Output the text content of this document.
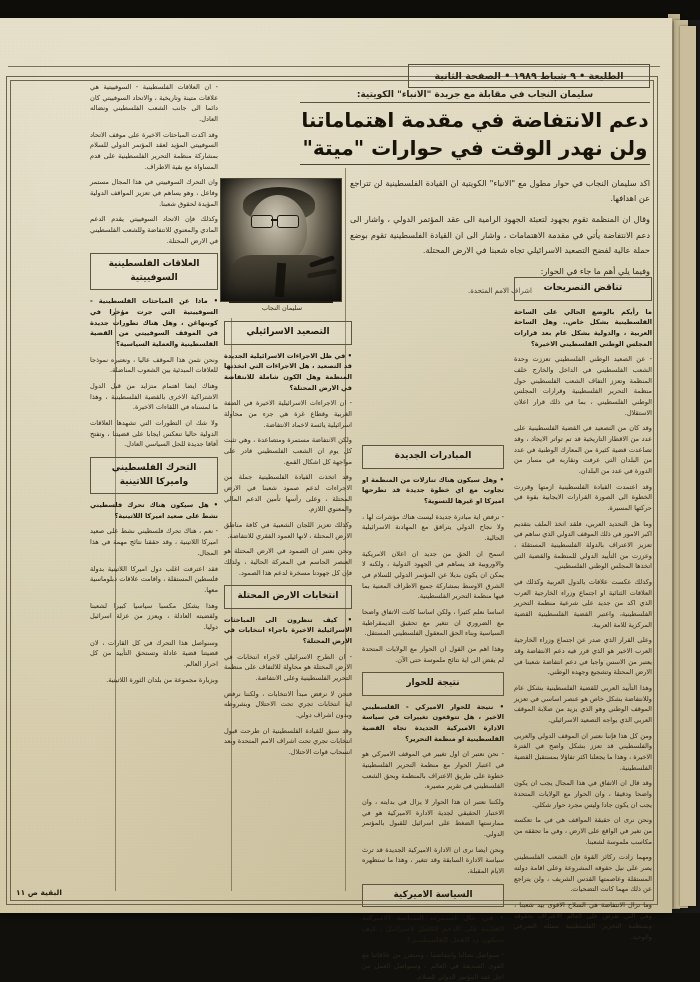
الطليعة • ٩ شباط ١٩٨٩ • الصفحة الثانية
سليمان النجاب في مقابلة مع جريدة "الانباء" الكويتية:
دعم الانتفاضة في مقدمة اهتماماتنا
ولن نهدر الوقت في حوارات "ميتة"

اكد سليمان النجاب في حوار مطول مع "الانباء" الكويتية ان القيادة الفلسطينية لن تتراجع عن اهدافها.

وقال ان المنظمة تقوم بجهود لتعبئة الجهود الرامية الى عقد المؤتمر الدولي ، واشار الى دعم الانتفاضة يأتي في مقدمة الاهتمامات ، واشار الى ان القيادة الفلسطينية تقوم بوضع حملة عالية لفضح التصعيد الاسرائيلي تجاه شعبنا في الارض المحتلة.

وفيما يلي أهم ما جاء في الحوار:

اشراف الامم المتحدة.
سليمان النجاب
تناقض التصريحات

ما رأيكم بالوضع الحالي على الساحة الفلسطينية بشكل خاص.. وهل الساحة العربية ، والدولية بشكل عام بعد قرارات المجلس الوطني الفلسطيني الاخيرة؟

- عن الصعيد الوطني الفلسطيني تعززت وحدة الشعب الفلسطيني في الداخل والخارج خلف المنظمة وتعزز التفاف الشعب الفلسطيني حول منظمة التحرير الفلسطينية وقرارات المجلس الوطني الفلسطيني ، بما في ذلك قرار اعلان الاستقلال.

وقد كان من التصعيد في القضية الفلسطينية على عدد من الاقطار التاريخية قد تم تواتر الايجاد ، وقد تصاعدت قضية كثيرة من المعارك الوطنية في عدد من البلدان التي عرفت ونقاربه في مسار من الدورة في عدد من البلدان.

وقد اعتمدت القيادة الفلسطينية ازمتها وقررت الخطوة الى الصورة القرارات الايجابية بقوة في حركتها المسيرة.

وما هل التحديد العربي، فلقد اتخذ الملف بتقديم اكبر الامور في ذلك الموقف الدولي الذي ساهم في تعزيز الاعتراف بالدولة الفلسطينية المستقلة ، وعززت من التأييد الدولي للمنظمة والقضية التي اتخذها المجلس الوطني الفلسطيني.

وكذلك عكست علاقات بالدول العربية وكذلك في العلاقات الثنائية او اجتماع وزراء الخارجية العرب الذي اكد من جديد على شرعية منظمة التحرير الفلسطينية، واعتبر القضية الفلسطينية القضية المركزية للامة العربية.

وعلى القرار الذي صدر عن اجتماع وزراء الخارجية العرب الاخير هو الذي قرر فيه دعم الانتفاضة وقد يعتبر من الاسس واجبا في دعم انتفاضة شعبنا في الارض المحتلة وتشجيع وجهده الوطني.

وهذا التأييد العربي للقضية الفلسطينية بشكل عام وللانتفاضة بشكل خاص هو عنصر اساسي في تعزيز الموقف الوطني وهو الذي يزيد من صلابة الموقف العربي الذي يواجه التصعيد الاسرائيلي.

ومن كل هذا فإننا نعتبر ان الموقف الدولي والعربي والفلسطيني قد تعزز بشكل واضح في الفترة الاخيرة ، وهذا ما يجعلنا اكثر تفاؤلا بمستقبل القضية الفلسطينية.

وقد قال ان الاتفاق في هذا المجال يجب ان يكون واضحا ودقيقا ، وان الحوار مع الولايات المتحدة يجب ان يكون جادا وليس مجرد حوار شكلي.

ونحن نرى ان حقيقة المواقف هي في ما تعكسه من تغير في الواقع على الارض ، وفي ما تحققه من مكاسب ملموسة لشعبنا.

ومهما زادت ركائز القوة فإن الشعب الفلسطيني يصر على نيل حقوقه المشروعة وعلى اقامة دولته المستقلة وعاصمتها القدس الشريف ، ولن يتراجع عن ذلك مهما كانت التضحيات.

وما تزال الانتفاضة هي السلاح الاقوى بيد شعبنا ، وهي التي تفرض على العالم الاعتراف بحقوقه وبمنظمة التحرير الفلسطينية ممثله الشرعي والوحيد.

المبادرات الجديدة

• وهل سيكون هناك تنازلات من المنظمة او تجاوب مع اي خطوة جديدة قد تطرحها اميركا او غيرها للتسوية؟

- نرفض اية مبادرة جديدة ليست هناك مؤشرات لها ، ولا نجاح الدولي يترافق مع المهادنة الاسرائيلية الحالية.

اسمح ان الحق من جديد ان اعلان الامريكية والاوروبية قد يساهم في الجهود الدولية ، ولكنه لا يمكن ان يكون بديلا عن المؤتمر الدولي للسلام في الشرق الاوسط بمشاركة جميع الاطراف المعنية بما فيها منظمة التحرير الفلسطينية.

اساسا نعلم كثيرا ، ولكن اساسا كانت الاتفاق واضحا مع الضروري ان تتغير مع تحقيق الديمقراطية السياسية وبناء الحق المعقول الفلسطيني المستقل.

وهذا اهم من القول ان الحوار مع الولايات المتحدة لم يفض الى اية نتائج ملموسة حتى الآن.

نتيجة للحوار

• نتيجة للحوار الاميركي - الفلسطيني الاخير ، هل تتوقعون تغييرات في سياسة الادارة الاميركية الجديدة تجاه القضية الفلسطينية او منظمة التحرير؟

- نحن نعتبر ان اول تغيير في الموقف الاميركي هو في اعتبار الحوار مع منظمة التحرير الفلسطينية خطوة على طريق الاعتراف بالمنظمة وبحق الشعب الفلسطيني في تقرير مصيره.

ولكننا نعتبر ان هذا الحوار لا يزال في بدايته ، وان الاختبار الحقيقي لجدية الادارة الاميركية هو في ممارستها الضغط على اسرائيل للقبول بالمؤتمر الدولي.

ونحن ايضا نرى ان الادارة الاميركية الجديدة قد ترث سياسة الادارة السابقة وقد تتغير ، وهذا ما ستظهره الايام المقبلة.

السياسة الاميركية

• في حال استمرت السياسة الاميركية القائمة على الدعم الكامل لاسرائيل ، كيف سيكون رد الفعل الفلسطيني؟

- سنواصل نضالنا وانتفاضتنا ، وسنعزز من علاقاتنا مع القوى الصديقة في العالم ، وسنواصل العمل من اجل عقد المؤتمر الدولي للسلام.

التصعيد الاسرائيلي

• في ظل الاجراءات الاسرائيلية الجديدة قد التصعيد ، هل الاجراءات التي اتخذتها المنظمة وهل الكون شاملة للانتفاضة في الارض المحتلة؟

- ان الاجراءات الاسرائيلية الاخيرة في الضفة الغربية وقطاع غزة هي جزء من محاولة اسرائيلية يائسة لاخماد الانتفاضة.

ولكن الانتفاضة مستمرة ومتصاعدة ، وهي تثبت كل يوم ان الشعب الفلسطيني قادر على مواجهة كل اشكال القمع.

وقد اتخذت القيادة الفلسطينية جملة من الاجراءات لدعم صمود شعبنا في الارض المحتلة ، وعلى رأسها تأمين الدعم المالي والمعنوي اللازم.

وكذلك تعزيز اللجان الشعبية في كافة مناطق الارض المحتلة ، لانها العمود الفقري للانتفاضة.

ونحن نعتبر ان الصمود في الارض المحتلة هو العنصر الحاسم في المعركة الحالية ، ولذلك فإن كل جهودنا مسخرة لدعم هذا الصمود.

انتخابات الارض المحتلة

• كيف تنظرون الى المباحثات الاسرائيلية الاخيرة باجراء انتخابات في الارض المحتلة؟

- ان الطرح الاسرائيلي لاجراء انتخابات في الارض المحتلة هو محاولة للالتفاف على منظمة التحرير الفلسطينية وعلى الانتفاضة.

فنحن لا نرفض مبدأ الانتخابات ، ولكننا نرفض اية انتخابات تجري تحت الاحتلال وبشروطه وبدون اشراف دولي.

وقد سبق للقيادة الفلسطينية ان طرحت قبول انتخابات تجري تحت اشراف الامم المتحدة وبعد انسحاب قوات الاحتلال.

- ان العلاقات الفلسطينية - السوفييتية هي علاقات متينة وتاريخية ، والاتحاد السوفييتي كان دائما الى جانب الشعب الفلسطيني ونضاله العادل.

وقد اكدت المباحثات الاخيرة على موقف الاتحاد السوفييتي المؤيد لعقد المؤتمر الدولي للسلام بمشاركة منظمة التحرير الفلسطينية على قدم المساواة مع بقية الاطراف.

وان التحرك السوفييتي في هذا المجال مستمر وفاعل ، وهو يساهم في تعزيز المواقف الدولية المؤيدة لحقوق شعبنا.

وكذلك فإن الاتحاد السوفييتي يقدم الدعم المادي والمعنوي للانتفاضة وللشعب الفلسطيني في الارض المحتلة.

العلاقات الفلسطينية
السوفييتية

• ماذا عن المباحثات الفلسطينية - السوفييتية التي جرت مؤخرا في كوبنهاغن ، وهل هناك تطورات جديدة في الموقف السوفييتي من القضية الفلسطينية والعملية السياسية؟

ونحن نثمن هذا الموقف عاليا ، ونعتبره نموذجا للعلاقات المبدئية بين الشعوب المناضلة.

وهناك ايضا اهتمام متزايد من قبل الدول الاشتراكية الاخرى بالقضية الفلسطينية ، وهذا ما لمسناه في اللقاءات الاخيرة.

ولا شك ان التطورات التي تشهدها العلاقات الدولية حاليا تنعكس ايجابا على قضيتنا ، وتفتح آفاقا جديدة للحل السياسي العادل.

التحرك الفلسطيني
واميركا اللاتينية

• هل سيكون هناك تحرك فلسطيني نشط على صعيد اميركا اللاتينية؟

- نعم ، هناك تحرك فلسطيني نشط على صعيد اميركا اللاتينية ، وقد حققنا نتائج مهمة في هذا المجال.

فقد اعترفت اغلب دول اميركا اللاتينية بدولة فلسطين المستقلة ، واقامت علاقات دبلوماسية معها.

وهذا يشكل مكسبا سياسيا كبيرا لشعبنا ولقضيته العادلة ، ويعزز من عزلة اسرائيل دوليا.

وسنواصل هذا التحرك في كل القارات ، لان قضيتنا قضية عادلة وتستحق التأييد من كل احرار العالم.

وبزيارة مجموعة من بلدان الثورة اللاتينية.

البقية ص ١١
